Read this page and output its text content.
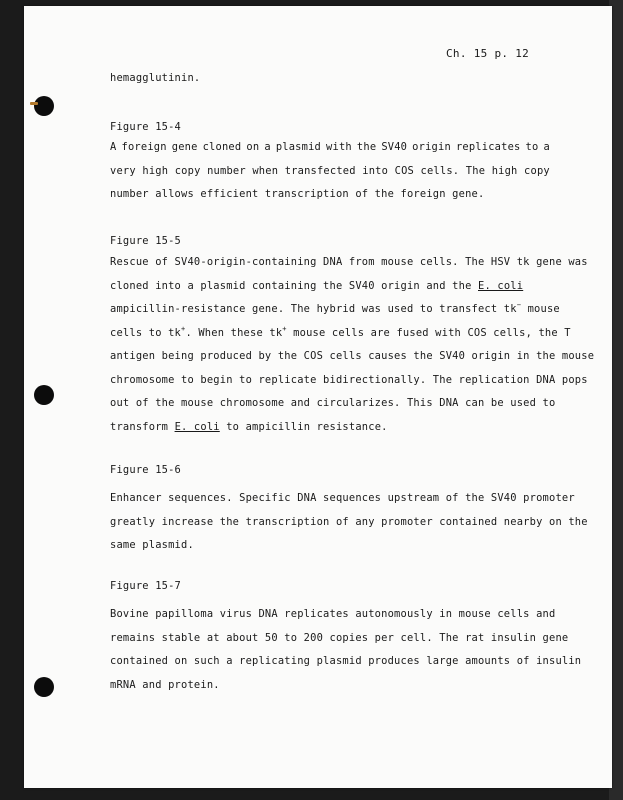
Ch. 15 p. 12
hemagglutinin.
Figure 15-4
A foreign gene cloned on a plasmid with the SV40 origin replicates to a
very high copy number when transfected into COS cells. The high copy
number allows efficient transcription of the foreign gene.
Figure 15-5
Rescue of SV40-origin-containing DNA from mouse cells. The HSV tk gene was
cloned into a plasmid containing the SV40 origin and the E. coli
ampicillin-resistance gene. The hybrid was used to transfect tk− mouse
cells to tk+. When these tk+ mouse cells are fused with COS cells, the T
antigen being produced by the COS cells causes the SV40 origin in the mouse
chromosome to begin to replicate bidirectionally. The replication DNA pops
out of the mouse chromosome and circularizes. This DNA can be used to
transform E. coli to ampicillin resistance.
Figure 15-6
Enhancer sequences. Specific DNA sequences upstream of the SV40 promoter
greatly increase the transcription of any promoter contained nearby on the
same plasmid.
Figure 15-7
Bovine papilloma virus DNA replicates autonomously in mouse cells and
remains stable at about 50 to 200 copies per cell. The rat insulin gene
contained on such a replicating plasmid produces large amounts of insulin
mRNA and protein.
